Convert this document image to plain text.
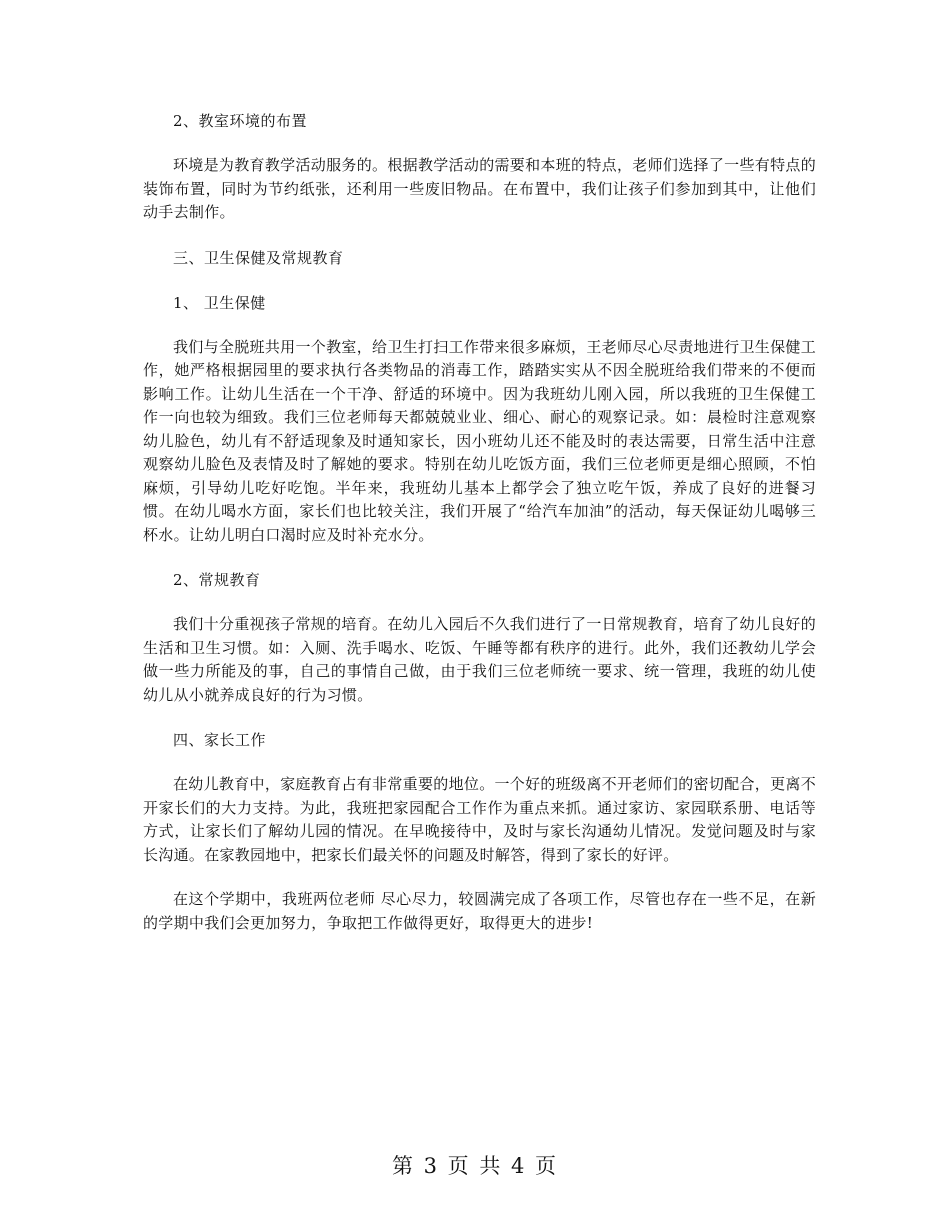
2、教室环境的布置

环境是为教育教学活动服务的。根据教学活动的需要和本班的特点，老师们选择了一些有特点的装饰布置，同时为节约纸张，还利用一些废旧物品。在布置中，我们让孩子们参加到其中，让他们动手去制作。

三、卫生保健及常规教育

1、 卫生保健

我们与全脱班共用一个教室，给卫生打扫工作带来很多麻烦，王老师尽心尽责地进行卫生保健工作，她严格根据园里的要求执行各类物品的消毒工作，踏踏实实从不因全脱班给我们带来的不便而影响工作。让幼儿生活在一个干净、舒适的环境中。因为我班幼儿刚入园，所以我班的卫生保健工作一向也较为细致。我们三位老师每天都兢兢业业、细心、耐心的观察记录。如：晨检时注意观察幼儿脸色，幼儿有不舒适现象及时通知家长，因小班幼儿还不能及时的表达需要，日常生活中注意观察幼儿脸色及表情及时了解她的要求。特别在幼儿吃饭方面，我们三位老师更是细心照顾，不怕麻烦，引导幼儿吃好吃饱。半年来，我班幼儿基本上都学会了独立吃午饭，养成了良好的进餐习惯。在幼儿喝水方面，家长们也比较关注，我们开展了“给汽车加油”的活动，每天保证幼儿喝够三杯水。让幼儿明白口渴时应及时补充水分。

2、常规教育

我们十分重视孩子常规的培育。在幼儿入园后不久我们进行了一日常规教育，培育了幼儿良好的生活和卫生习惯。如：入厕、洗手喝水、吃饭、午睡等都有秩序的进行。此外，我们还教幼儿学会做一些力所能及的事，自己的事情自己做，由于我们三位老师统一要求、统一管理，我班的幼儿使幼儿从小就养成良好的行为习惯。

四、家长工作

在幼儿教育中，家庭教育占有非常重要的地位。一个好的班级离不开老师们的密切配合，更离不开家长们的大力支持。为此，我班把家园配合工作作为重点来抓。通过家访、家园联系册、电话等方式，让家长们了解幼儿园的情况。在早晚接待中，及时与家长沟通幼儿情况。发觉问题及时与家长沟通。在家教园地中，把家长们最关怀的问题及时解答，得到了家长的好评。

在这个学期中，我班两位老师 尽心尽力，较圆满完成了各项工作，尽管也存在一些不足，在新的学期中我们会更加努力，争取把工作做得更好，取得更大的进步!

第 3 页 共 4 页
